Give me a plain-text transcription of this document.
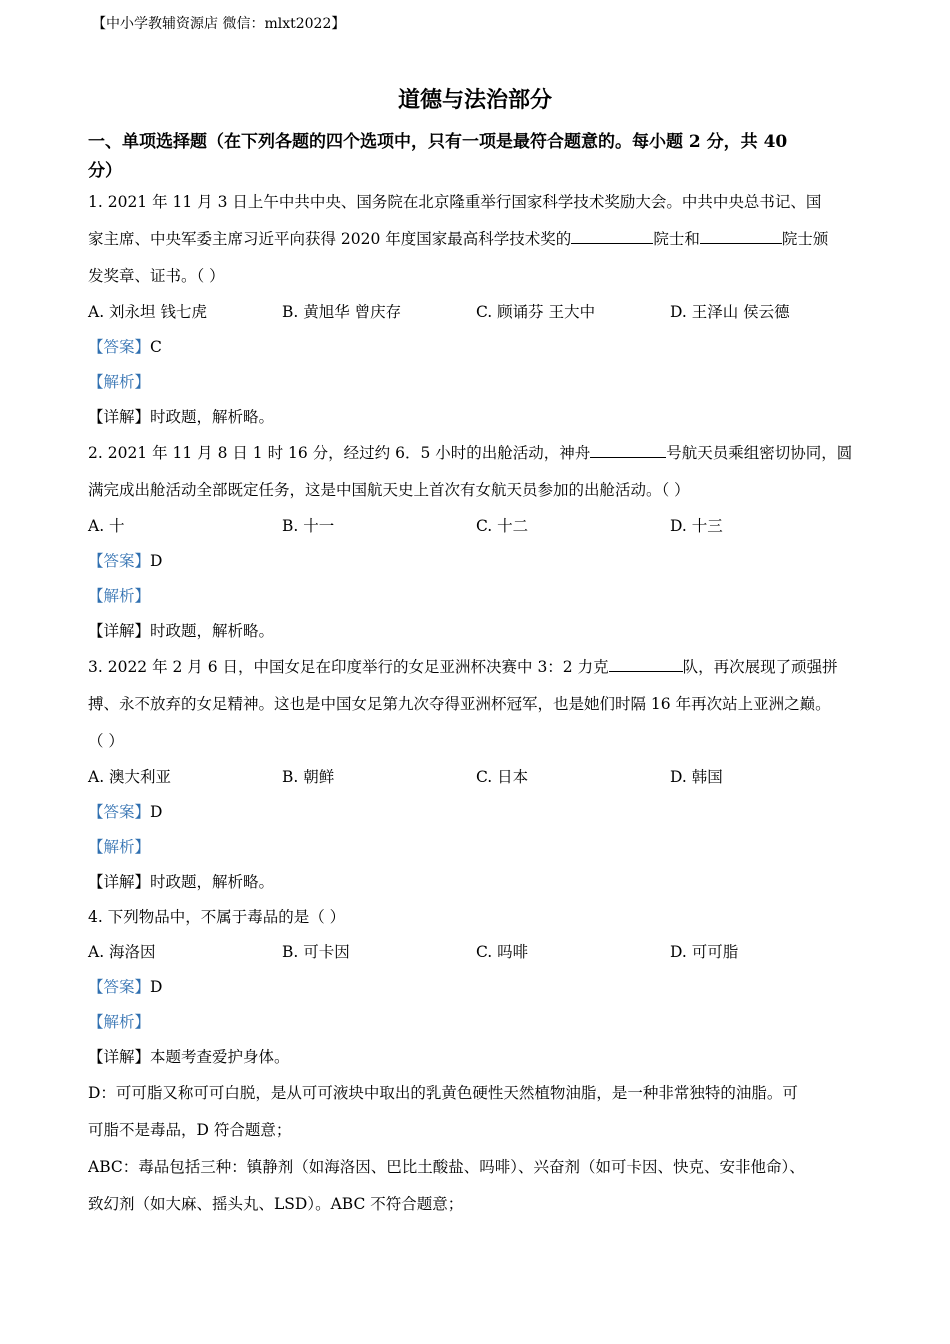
【中小学教辅资源店 微信：mlxt2022】
道德与法治部分
一、单项选择题（在下列各题的四个选项中，只有一项是最符合题意的。每小题 2 分，共 40
分）
1. 2021 年 11 月 3 日上午中共中央、国务院在北京隆重举行国家科学技术奖励大会。中共中央总书记、国
家主席、中央军委主席习近平向获得 2020 年度国家最高科学技术奖的	院士和	院士颁
发奖章、证书。（ ）
A. 刘永坦 钱七虎	B. 黄旭华 曾庆存	C. 顾诵芬 王大中	D. 王泽山 侯云德
【答案】C
【解析】
【详解】时政题，解析略。
2. 2021 年 11 月 8 日 1 时 16 分，经过约 6．5 小时的出舱活动，神舟	号航天员乘组密切协同，圆
满完成出舱活动全部既定任务，这是中国航天史上首次有女航天员参加的出舱活动。（ ）
A. 十	B. 十一	C. 十二	D. 十三
【答案】D
【解析】
【详解】时政题，解析略。
3. 2022 年 2 月 6 日，中国女足在印度举行的女足亚洲杯决赛中 3：2 力克	队，再次展现了顽强拼
搏、永不放弃的女足精神。这也是中国女足第九次夺得亚洲杯冠军，也是她们时隔 16 年再次站上亚洲之巅。
（ ）
A. 澳大利亚	B. 朝鲜	C. 日本	D. 韩国
【答案】D
【解析】
【详解】时政题，解析略。
4. 下列物品中，不属于毒品的是（ ）
A. 海洛因	B. 可卡因	C. 吗啡	D. 可可脂
【答案】D
【解析】
【详解】本题考查爱护身体。
D：可可脂又称可可白脱，是从可可液块中取出的乳黄色硬性天然植物油脂，是一种非常独特的油脂。可
可脂不是毒品，D 符合题意；
ABC：毒品包括三种：镇静剂（如海洛因、巴比土酸盐、吗啡）、兴奋剂（如可卡因、快克、安非他命）、
致幻剂（如大麻、摇头丸、LSD）。ABC 不符合题意；
